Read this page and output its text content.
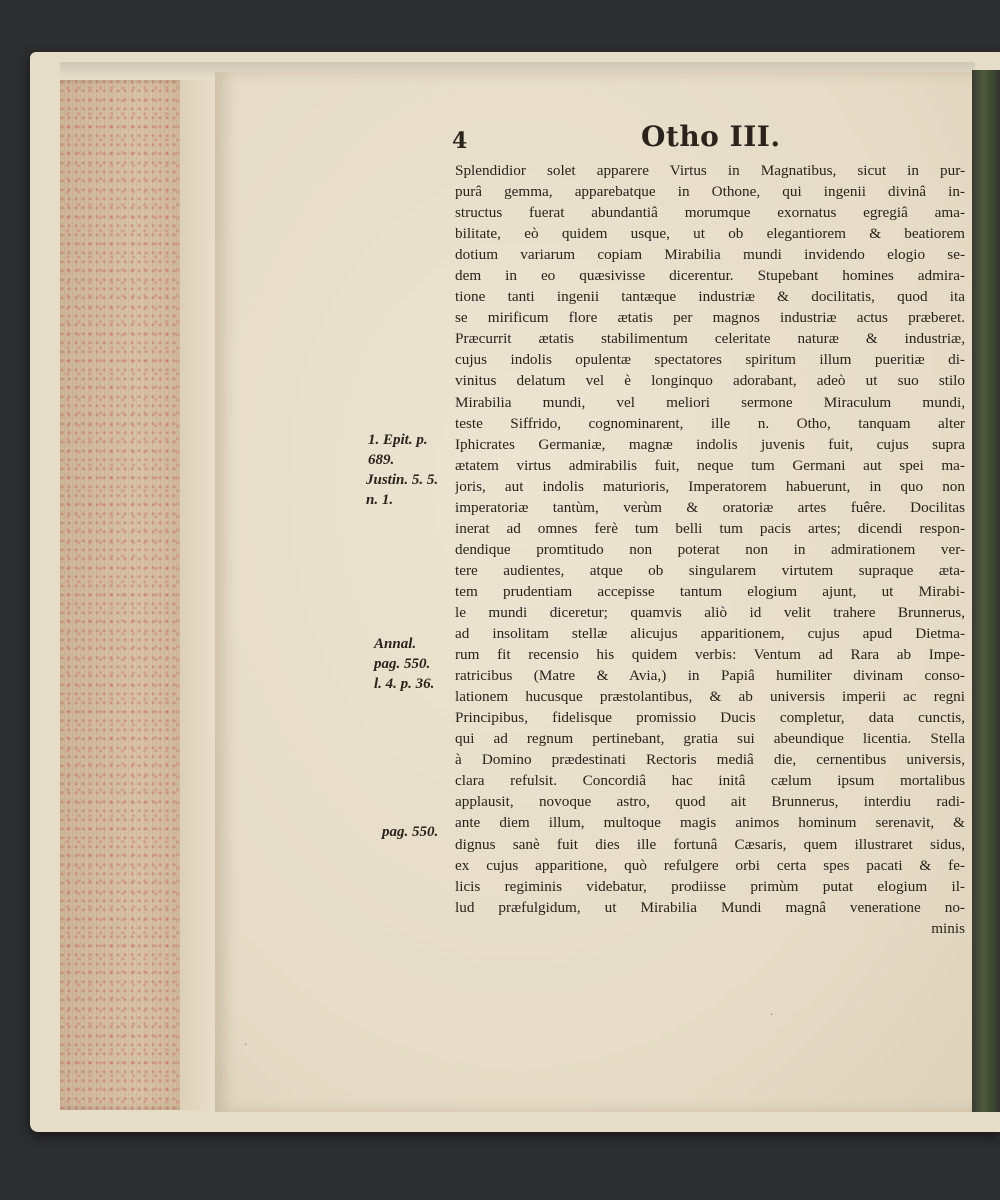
4	Otho III.
Splendidior solet apparere Virtus in Magnatibus, sicut in pur-
purâ gemma, apparebatque in Othone, qui ingenii divinâ in-
structus fuerat abundantiâ morumque exornatus egregiâ ama-
bilitate, eò quidem usque, ut ob elegantiorem & beatiorem
dotium variarum copiam Mirabilia mundi invidendo elogio se-
dem in eo quæsivisse dicerentur. Stupebant homines admira-
tione tanti ingenii tantæque industriæ & docilitatis, quod ita
se mirificum flore ætatis per magnos industriæ actus præberet.
Præcurrit ætatis stabilimentum celeritate naturæ & industriæ,
cujus indolis opulentæ spectatores spiritum illum pueritiæ di-
vinitus delatum vel è longinquo adorabant, adeò ut suo stilo
Mirabilia mundi, vel meliori sermone Miraculum mundi,
teste Siffrido, cognominarent, ille n. Otho, tanquam alter
Iphicrates Germaniæ, magnæ indolis juvenis fuit, cujus supra
ætatem virtus admirabilis fuit, neque tum Germani aut spei ma-
joris, aut indolis maturioris, Imperatorem habuerunt, in quo non
imperatoriæ tantùm, verùm & oratoriæ artes fuêre. Docilitas
inerat ad omnes ferè tum belli tum pacis artes; dicendi respon-
dendique promtitudo non poterat non in admirationem ver-
tere audientes, atque ob singularem virtutem supraque æta-
tem prudentiam accepisse tantum elogium ajunt, ut Mirabi-
le mundi diceretur; quamvis aliò id velit trahere Brunnerus,
ad insolitam stellæ alicujus apparitionem, cujus apud Dietma-
rum fit recensio his quidem verbis: Ventum ad Rara ab Impe-
ratricibus (Matre & Avia,) in Papiâ humiliter divinam conso-
lationem hucusque præstolantibus, & ab universis imperii ac regni
Principibus, fidelisque promissio Ducis completur, data cunctis,
qui ad regnum pertinebant, gratia sui abeundique licentia. Stella
à Domino prædestinati Rectoris mediâ die, cernentibus universis,
clara refulsit. Concordiâ hac initâ cælum ipsum mortalibus
applausit, novoque astro, quod ait Brunnerus, interdiu radi-
ante diem illum, multoque magis animos hominum serenavit, &
dignus sanè fuit dies ille fortunâ Cæsaris, quem illustraret sidus,
ex cujus apparitione, quò refulgere orbi certa spes pacati & fe-
licis regiminis videbatur, prodiisse primùm putat elogium il-
lud præfulgidum, ut Mirabilia Mundi magnâ veneratione no-
minis
1. Epit. p.
689.
Justin. 5. 5.
n. 1.
Annal.
pag. 550.
l. 4. p. 36.
pag. 550.
·
·
